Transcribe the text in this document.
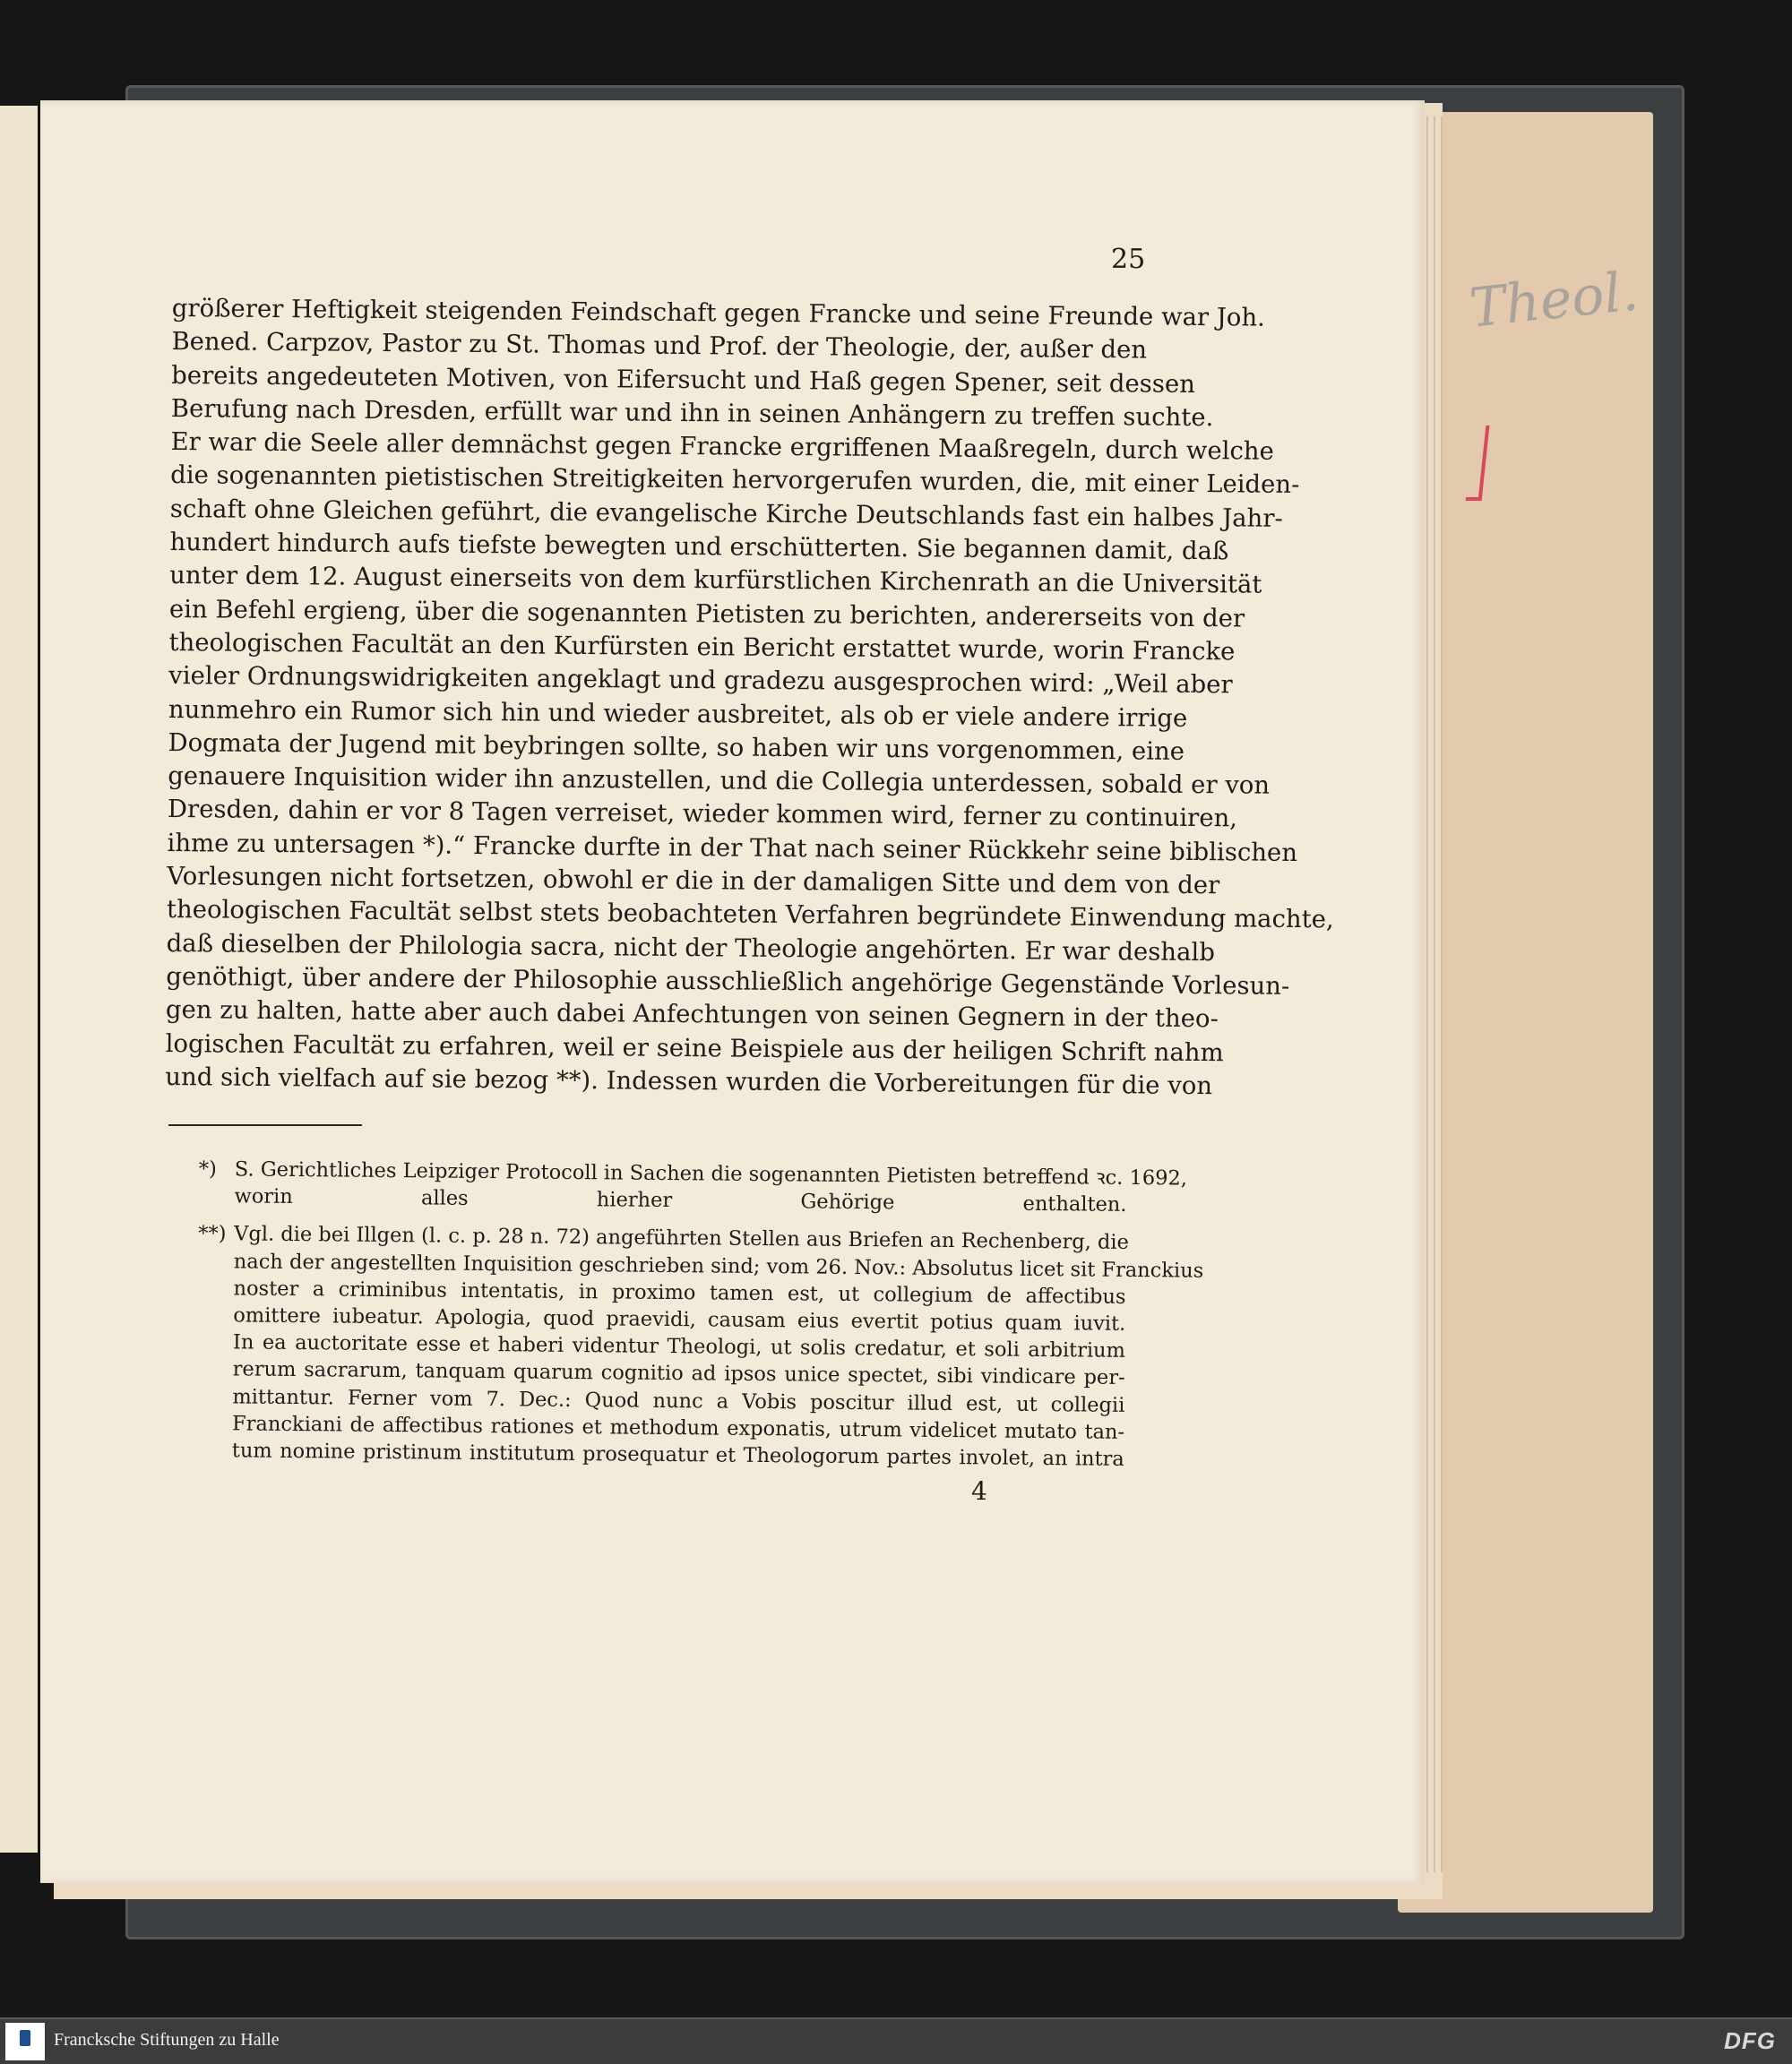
Theol.
25
größerer Heftigkeit steigenden Feindschaft gegen Francke und seine Freunde war Joh.
Bened. Carpzov, Pastor zu St. Thomas und Prof. der Theologie, der, außer den
bereits angedeuteten Motiven, von Eifersucht und Haß gegen Spener, seit dessen
Berufung nach Dresden, erfüllt war und ihn in seinen Anhängern zu treffen suchte.
Er war die Seele aller demnächst gegen Francke ergriffenen Maaßregeln, durch welche
die sogenannten pietistischen Streitigkeiten hervorgerufen wurden, die, mit einer Leiden-
schaft ohne Gleichen geführt, die evangelische Kirche Deutschlands fast ein halbes Jahr-
hundert hindurch aufs tiefste bewegten und erschütterten. Sie begannen damit, daß
unter dem 12. August einerseits von dem kurfürstlichen Kirchenrath an die Universität
ein Befehl ergieng, über die sogenannten Pietisten zu berichten, andererseits von der
theologischen Facultät an den Kurfürsten ein Bericht erstattet wurde, worin Francke
vieler Ordnungswidrigkeiten angeklagt und gradezu ausgesprochen wird: „Weil aber
nunmehro ein Rumor sich hin und wieder ausbreitet, als ob er viele andere irrige
Dogmata der Jugend mit beybringen sollte, so haben wir uns vorgenommen, eine
genauere Inquisition wider ihn anzustellen, und die Collegia unterdessen, sobald er von
Dresden, dahin er vor 8 Tagen verreiset, wieder kommen wird, ferner zu continuiren,
ihme zu untersagen *).“ Francke durfte in der That nach seiner Rückkehr seine biblischen
Vorlesungen nicht fortsetzen, obwohl er die in der damaligen Sitte und dem von der
theologischen Facultät selbst stets beobachteten Verfahren begründete Einwendung machte,
daß dieselben der Philologia sacra, nicht der Theologie angehörten. Er war deshalb
genöthigt, über andere der Philosophie ausschließlich angehörige Gegenstände Vorlesun-
gen zu halten, hatte aber auch dabei Anfechtungen von seinen Gegnern in der theo-
logischen Facultät zu erfahren, weil er seine Beispiele aus der heiligen Schrift nahm
und sich vielfach auf sie bezog **). Indessen wurden die Vorbereitungen für die von
*) S. Gerichtliches Leipziger Protocoll in Sachen die sogenannten Pietisten betreffend ꝛc. 1692,
worin alles hierher Gehörige enthalten.
**) Vgl. die bei Illgen (l. c. p. 28 n. 72) angeführten Stellen aus Briefen an Rechenberg, die
nach der angestellten Inquisition geschrieben sind; vom 26. Nov.: Absolutus licet sit Franckius
noster a criminibus intentatis, in proximo tamen est, ut collegium de affectibus
omittere iubeatur. Apologia, quod praevidi, causam eius evertit potius quam iuvit.
In ea auctoritate esse et haberi videntur Theologi, ut solis credatur, et soli arbitrium
rerum sacrarum, tanquam quarum cognitio ad ipsos unice spectet, sibi vindicare per-
mittantur. Ferner vom 7. Dec.: Quod nunc a Vobis poscitur illud est, ut collegii
Franckiani de affectibus rationes et methodum exponatis, utrum videlicet mutato tan-
tum nomine pristinum institutum prosequatur et Theologorum partes involet, an intra
4
Francksche Stiftungen zu Halle	DFG
